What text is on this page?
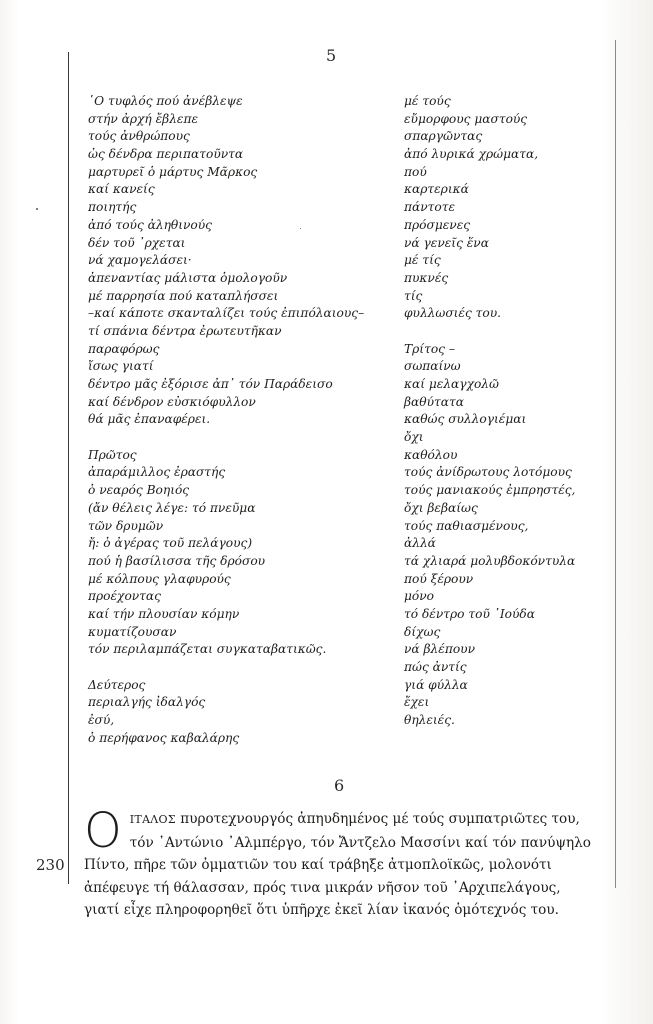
5
῾Ο τυφλός πού ἀνέβλεψε
στήν ἀρχή ἔβλεπε
τούς ἀνθρώπους
ὡς δένδρα περιπατοῦντα
μαρτυρεῖ ὁ μάρτυς Μᾶρκος
καί κανείς
ποιητής
ἀπό τούς ἀληθινούς
δέν τοῦ ᾿ρχεται
νά χαμογελάσει·
ἀπεναντίας μάλιστα ὁμολογοῦν
μέ παρρησία πού καταπλήσσει
–καί κάποτε σκανταλίζει τούς ἐπιπόλαιους–
τί σπάνια δέντρα ἐρωτευτῆκαν
παραφόρως
ἴσως γιατί
δέντρο μᾶς ἐξόρισε ἀπ᾿ τόν Παράδεισο
καί δένδρον εὐσκιόφυλλον
θά μᾶς ἐπαναφέρει.
Πρῶτος
ἀπαράμιλλος ἐραστής
ὁ νεαρός Βοηιός
(ἄν θέλεις λέγε: τό πνεῦμα
τῶν δρυμῶν
ἤ: ὁ ἀγέρας τοῦ πελάγους)
πού ἡ βασίλισσα τῆς δρόσου
μέ κόλπους γλαφυρούς
προέχοντας
καί τήν πλουσίαν κόμην
κυματίζουσαν
τόν περιλαμπάζεται συγκαταβατικῶς.
Δεύτερος
περιαλγής ἰδαλγός
ἐσύ,
ὁ περήφανος καβαλάρης
μέ τούς
εὔμορφους μαστούς
σπαργῶντας
ἀπό λυρικά χρώματα,
πού
καρτερικά
πάντοτε
πρόσμενες
νά γενεῖς ἕνα
μέ τίς
πυκνές
τίς
φυλλωσιές του.
Τρίτος –
σωπαίνω
καί μελαγχολῶ
βαθύτατα
καθώς συλλογιέμαι
ὄχι
καθόλου
τούς ἀνίδρωτους λοτόμους
τούς μανιακούς ἐμπρηστές,
ὄχι βεβαίως
τούς παθιασμένους,
ἀλλά
τά χλιαρά μολυβδοκόντυλα
πού ξέρουν
μόνο
τό δέντρο τοῦ ᾿Ιούδα
δίχως
νά βλέπουν
πώς ἀντίς
γιά φύλλα
ἔχει
θηλειές.
6
O ΙΤΑΛΟΣ πυροτεχνουργός ἀπηυδημένος μέ τούς συμπατριῶτες του,
τόν ᾿Αντώνιο ᾿Αλμπέργο, τόν Ἄντζελο Μασσίνι καί τόν πανύψηλο
Πίντο, πῆρε τῶν ὀμματιῶν του καί τράβηξε ἀτμοπλοϊκῶς, μολονότι
ἀπέφευγε τή θάλασσαν, πρός τινα μικράν νῆσον τοῦ ᾿Αρχιπελάγους,
γιατί εἶχε πληροφορηθεῖ ὅτι ὑπῆρχε ἐκεῖ λίαν ἱκανός ὁμότεχνός του.
230
